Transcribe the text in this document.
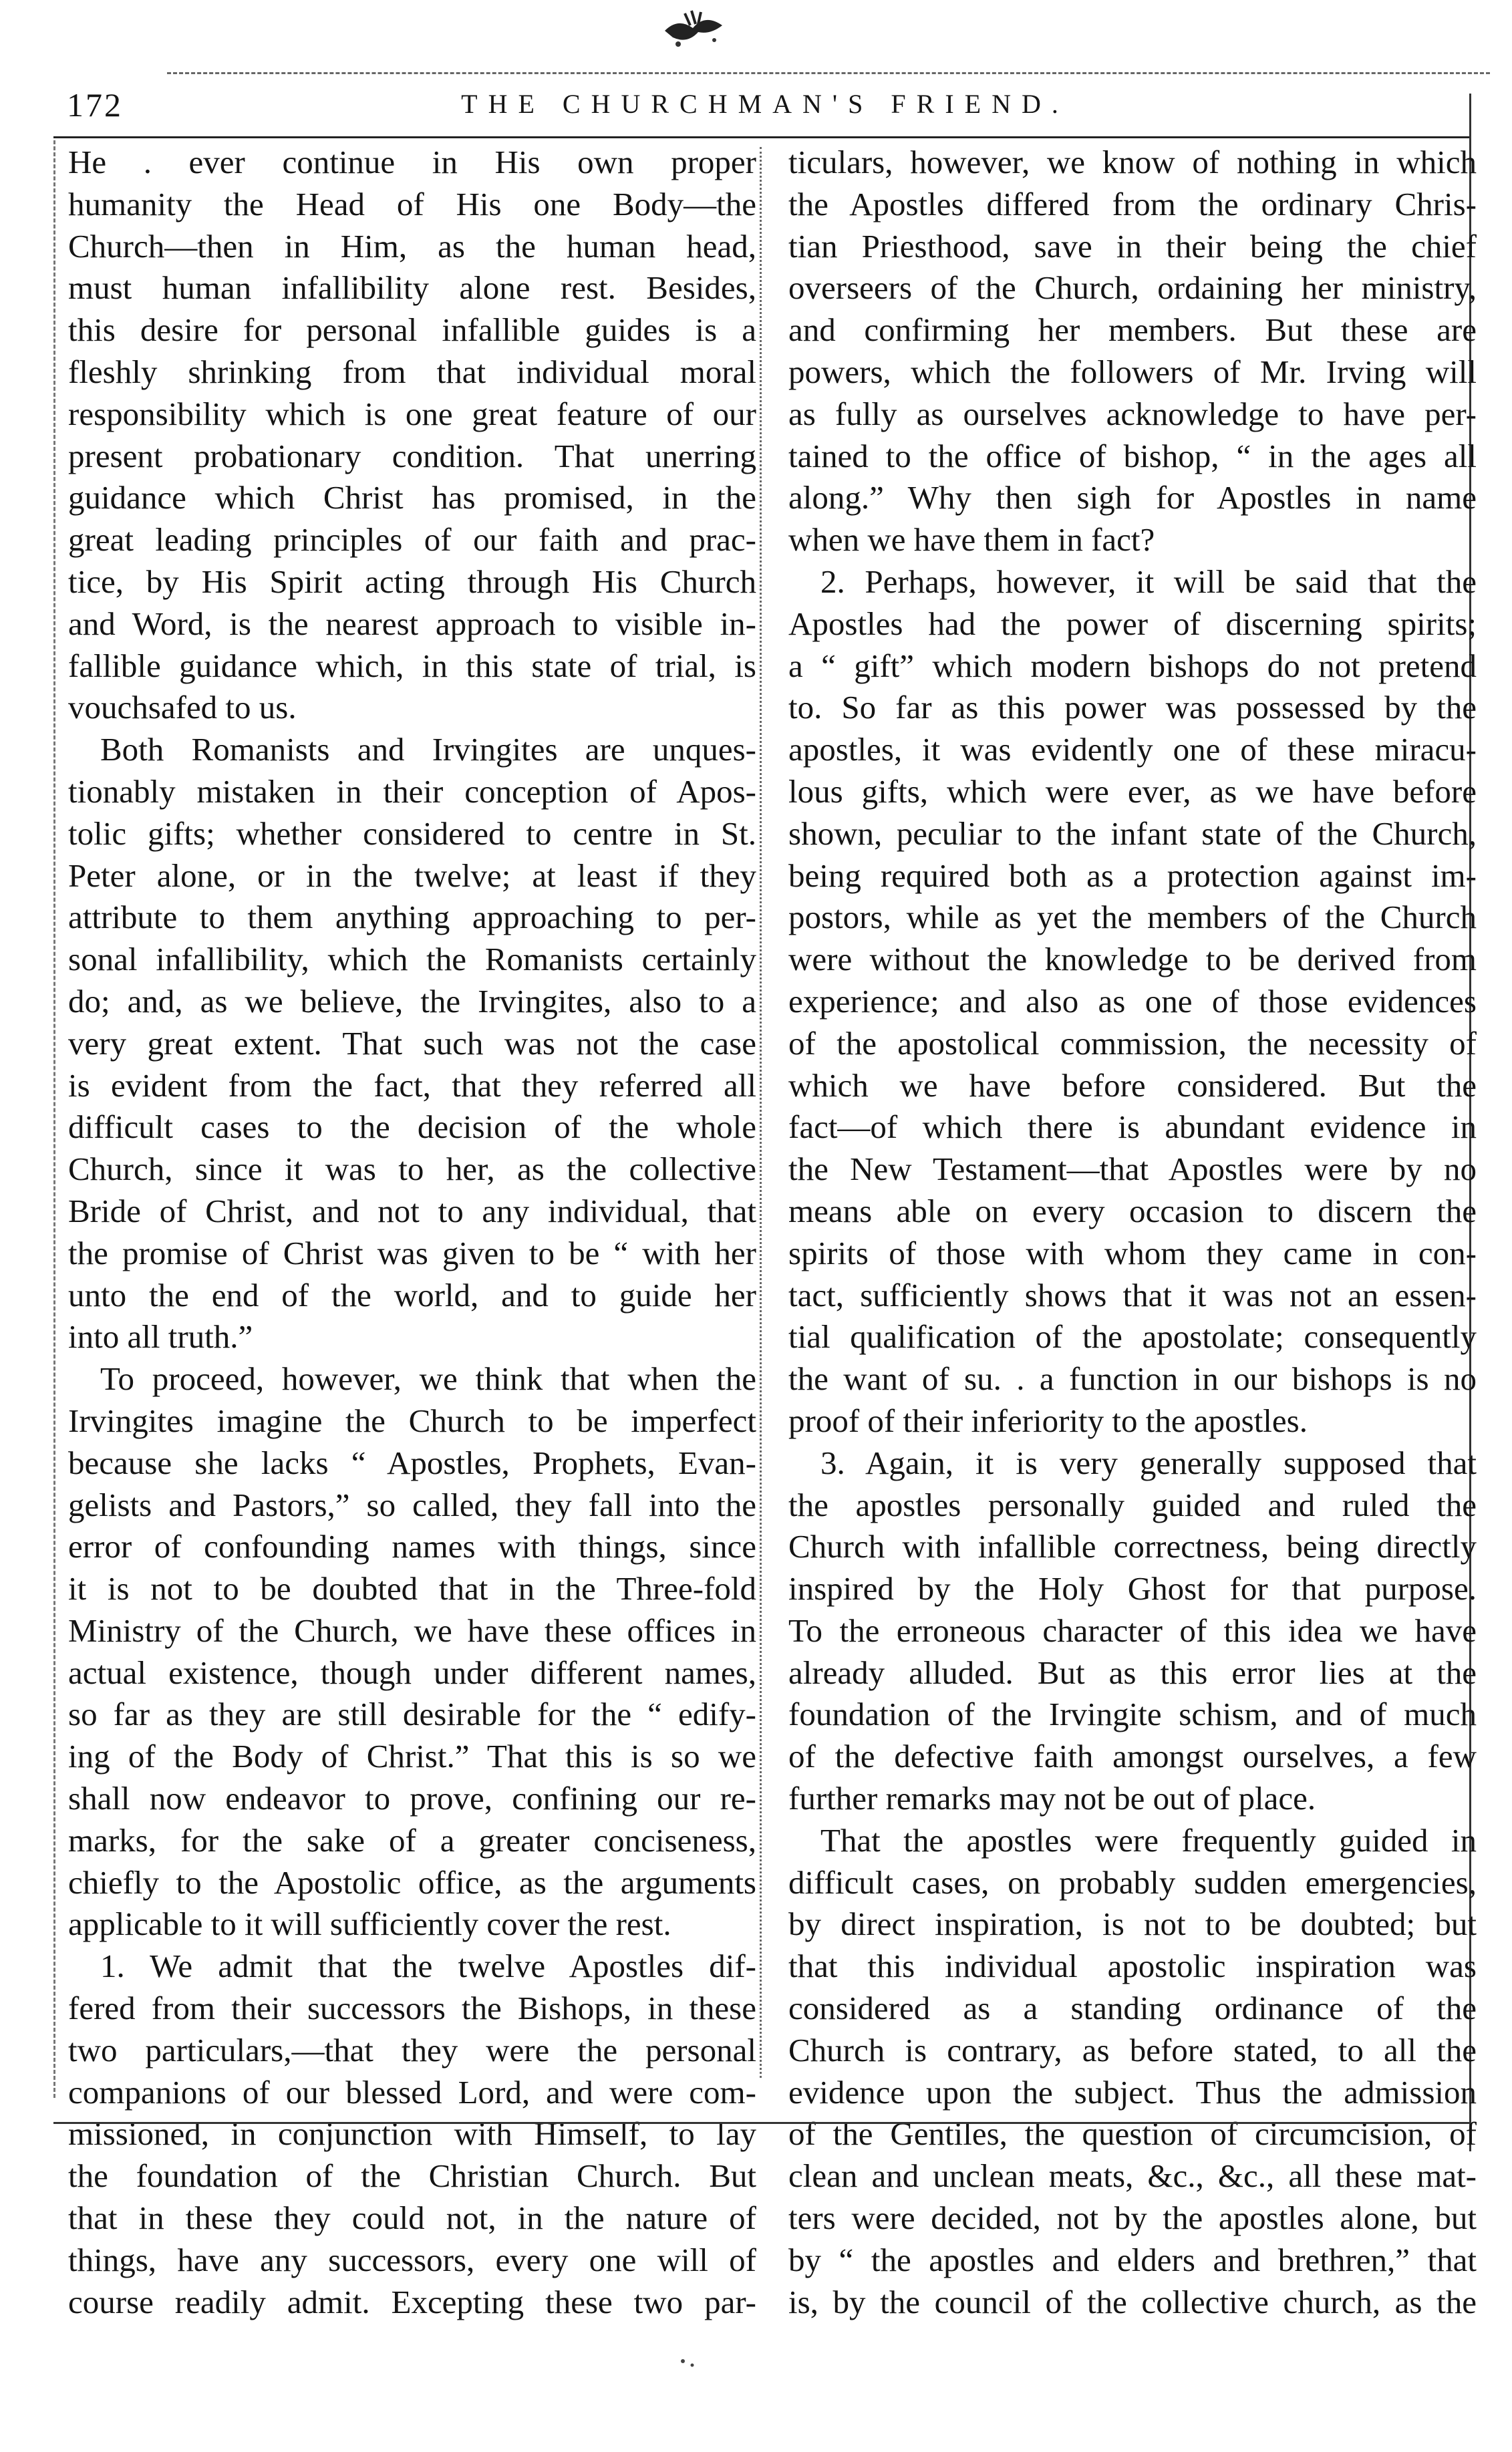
172	THE CHURCHMAN'S FRIEND.
He . ever continue in His own proper
humanity the Head of His one Body—the
Church—then in Him, as the human head,
must human infallibility alone rest. Besides,
this desire for personal infallible guides is a
fleshly shrinking from that individual moral
responsibility which is one great feature of our
present probationary condition. That unerring
guidance which Christ has promised, in the
great leading principles of our faith and prac-
tice, by His Spirit acting through His Church
and Word, is the nearest approach to visible in-
fallible guidance which, in this state of trial, is
vouchsafed to us.
Both Romanists and Irvingites are unques-
tionably mistaken in their conception of Apos-
tolic gifts; whether considered to centre in St.
Peter alone, or in the twelve; at least if they
attribute to them anything approaching to per-
sonal infallibility, which the Romanists certainly
do; and, as we believe, the Irvingites, also to a
very great extent. That such was not the case
is evident from the fact, that they referred all
difficult cases to the decision of the whole
Church, since it was to her, as the collective
Bride of Christ, and not to any individual, that
the promise of Christ was given to be “ with her
unto the end of the world, and to guide her
into all truth.”
To proceed, however, we think that when the
Irvingites imagine the Church to be imperfect
because she lacks “ Apostles, Prophets, Evan-
gelists and Pastors,” so called, they fall into the
error of confounding names with things, since
it is not to be doubted that in the Three-fold
Ministry of the Church, we have these offices in
actual existence, though under different names,
so far as they are still desirable for the “ edify-
ing of the Body of Christ.” That this is so we
shall now endeavor to prove, confining our re-
marks, for the sake of a greater conciseness,
chiefly to the Apostolic office, as the arguments
applicable to it will sufficiently cover the rest.
1. We admit that the twelve Apostles dif-
fered from their successors the Bishops, in these
two particulars,—that they were the personal
companions of our blessed Lord, and were com-
missioned, in conjunction with Himself, to lay
the foundation of the Christian Church. But
that in these they could not, in the nature of
things, have any successors, every one will of
course readily admit. Excepting these two par-
ticulars, however, we know of nothing in which
the Apostles differed from the ordinary Chris-
tian Priesthood, save in their being the chief
overseers of the Church, ordaining her ministry,
and confirming her members. But these are
powers, which the followers of Mr. Irving will
as fully as ourselves acknowledge to have per-
tained to the office of bishop, “ in the ages all
along.” Why then sigh for Apostles in name
when we have them in fact?
2. Perhaps, however, it will be said that the
Apostles had the power of discerning spirits;
a “ gift” which modern bishops do not pretend
to. So far as this power was possessed by the
apostles, it was evidently one of these miracu-
lous gifts, which were ever, as we have before
shown, peculiar to the infant state of the Church,
being required both as a protection against im-
postors, while as yet the members of the Church
were without the knowledge to be derived from
experience; and also as one of those evidences
of the apostolical commission, the necessity of
which we have before considered. But the
fact—of which there is abundant evidence in
the New Testament—that Apostles were by no
means able on every occasion to discern the
spirits of those with whom they came in con-
tact, sufficiently shows that it was not an essen-
tial qualification of the apostolate; consequently
the want of su. . a function in our bishops is no
proof of their inferiority to the apostles.
3. Again, it is very generally supposed that
the apostles personally guided and ruled the
Church with infallible correctness, being directly
inspired by the Holy Ghost for that purpose.
To the erroneous character of this idea we have
already alluded. But as this error lies at the
foundation of the Irvingite schism, and of much
of the defective faith amongst ourselves, a few
further remarks may not be out of place.
That the apostles were frequently guided in
difficult cases, on probably sudden emergencies,
by direct inspiration, is not to be doubted; but
that this individual apostolic inspiration was
considered as a standing ordinance of the
Church is contrary, as before stated, to all the
evidence upon the subject. Thus the admission
of the Gentiles, the question of circumcision, of
clean and unclean meats, &c., &c., all these mat-
ters were decided, not by the apostles alone, but
by “ the apostles and elders and brethren,” that
is, by the council of the collective church, as the
